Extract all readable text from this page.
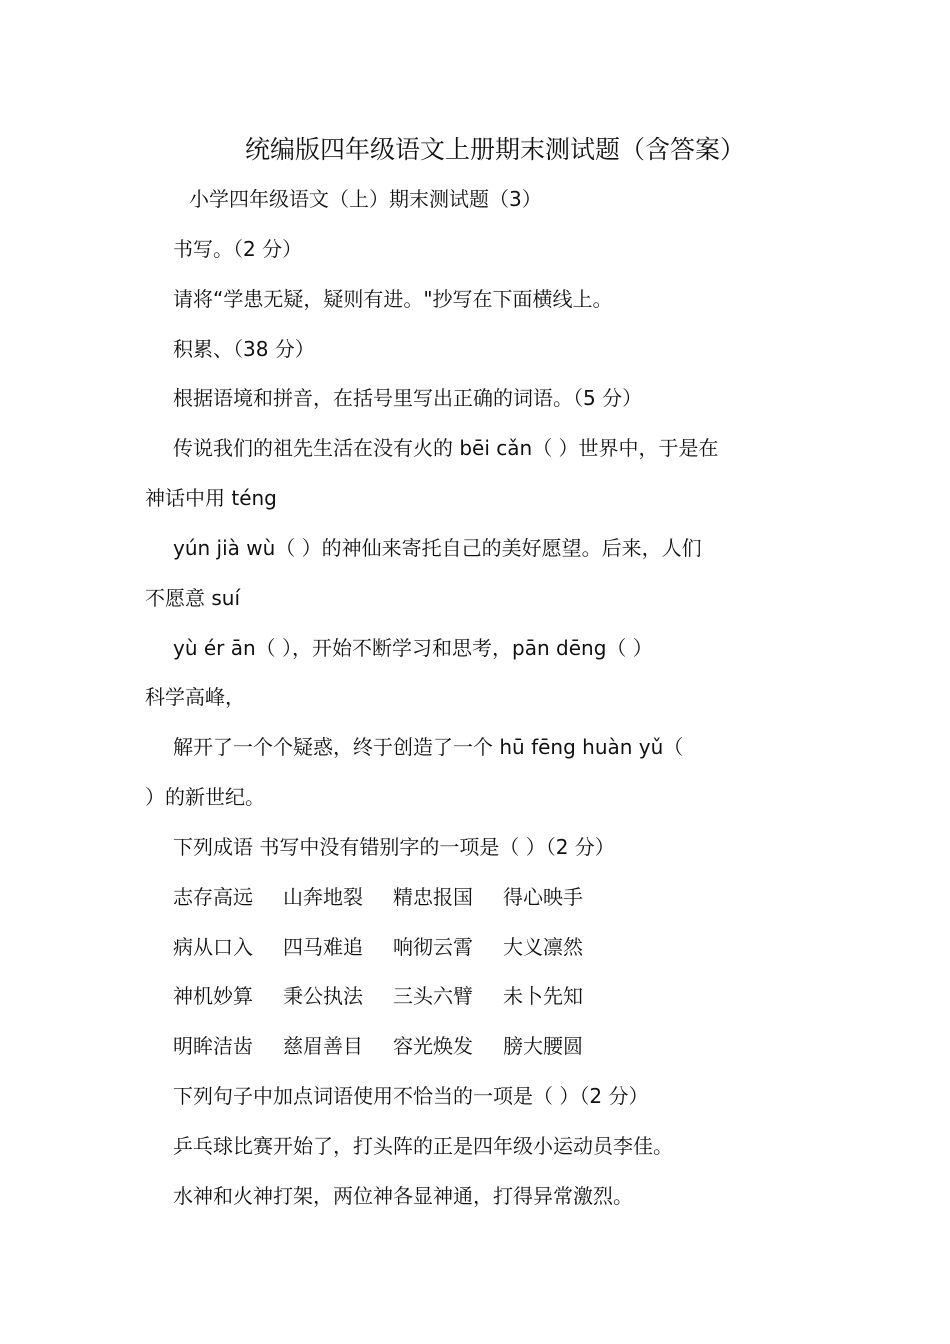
统编版四年级语文上册期末测试题（含答案）
小学四年级语文（上）期末测试题（3）
书写。（2 分）
请将“学患无疑，疑则有进。"抄写在下面横线上。
积累、（38 分）
根据语境和拼音，在括号里写出正确的词语。（5 分）
传说我们的祖先生活在没有火的 bēi cǎn（ ）世界中，于是在
神话中用 téng
yún jià wù（ ）的神仙来寄托自己的美好愿望。后来，人们
不愿意 suí
yù ér ān（ ），开始不断学习和思考，pān dēng（ ）
科学高峰，
解开了一个个疑惑，终于创造了一个 hū fēng huàn yǔ（
）的新世纪。
下列成语 书写中没有错别字的一项是（ ）（2 分）
志存高远 山奔地裂 精忠报国 得心映手
病从口入 四马难追 响彻云霄 大义凛然
神机妙算 秉公执法 三头六臂 未卜先知
明眸洁齿 慈眉善目 容光焕发 膀大腰圆
下列句子中加点词语使用不恰当的一项是（ ）（2 分）
乒乓球比赛开始了，打头阵的正是四年级小运动员李佳。
水神和火神打架，两位神各显神通，打得异常激烈。
